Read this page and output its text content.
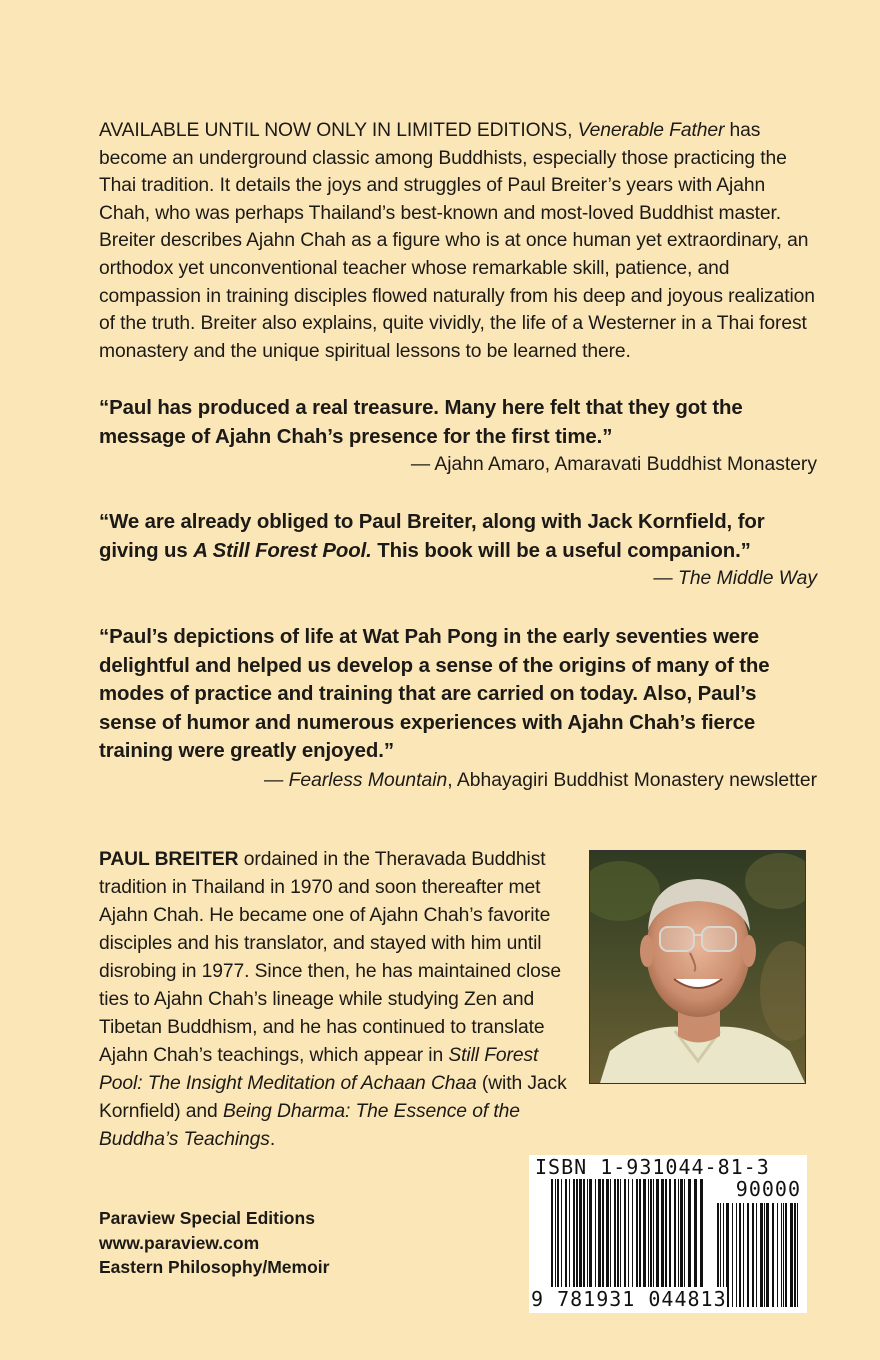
AVAILABLE UNTIL NOW ONLY IN LIMITED EDITIONS, Venerable Father has become an underground classic among Buddhists, especially those practicing the Thai tradition. It details the joys and struggles of Paul Breiter’s years with Ajahn Chah, who was perhaps Thailand’s best-known and most-loved Buddhist master. Breiter describes Ajahn Chah as a figure who is at once human yet extraordinary, an orthodox yet unconventional teacher whose remarkable skill, patience, and compassion in training disciples flowed naturally from his deep and joyous realization of the truth. Breiter also explains, quite vividly, the life of a Westerner in a Thai forest monastery and the unique spiritual lessons to be learned there.

“Paul has produced a real treasure. Many here felt that they got the message of Ajahn Chah’s presence for the first time.”

— Ajahn Amaro, Amaravati Buddhist Monastery

“We are already obliged to Paul Breiter, along with Jack Kornfield, for giving us A Still Forest Pool. This book will be a useful companion.”

— The Middle Way

“Paul’s depictions of life at Wat Pah Pong in the early seventies were delightful and helped us develop a sense of the origins of many of the modes of practice and training that are carried on today. Also, Paul’s sense of humor and numerous experiences with Ajahn Chah’s fierce training were greatly enjoyed.”

— Fearless Mountain, Abhayagiri Buddhist Monastery newsletter

PAUL BREITER ordained in the Theravada Buddhist tradition in Thailand in 1970 and soon thereafter met Ajahn Chah. He became one of Ajahn Chah’s favorite disciples and his translator, and stayed with him until disrobing in 1977. Since then, he has maintained close ties to Ajahn Chah’s lineage while studying Zen and Tibetan Buddhism, and he has continued to translate Ajahn Chah’s teachings, which appear in Still Forest Pool: The Insight Meditation of Achaan Chaa (with Jack Kornfield) and Being Dharma: The Essence of the Buddha’s Teachings.

Paraview Special Editions
www.paraview.com
Eastern Philosophy/Memoir
ISBN 1-931044-81-3
90000
9 781931 044813
